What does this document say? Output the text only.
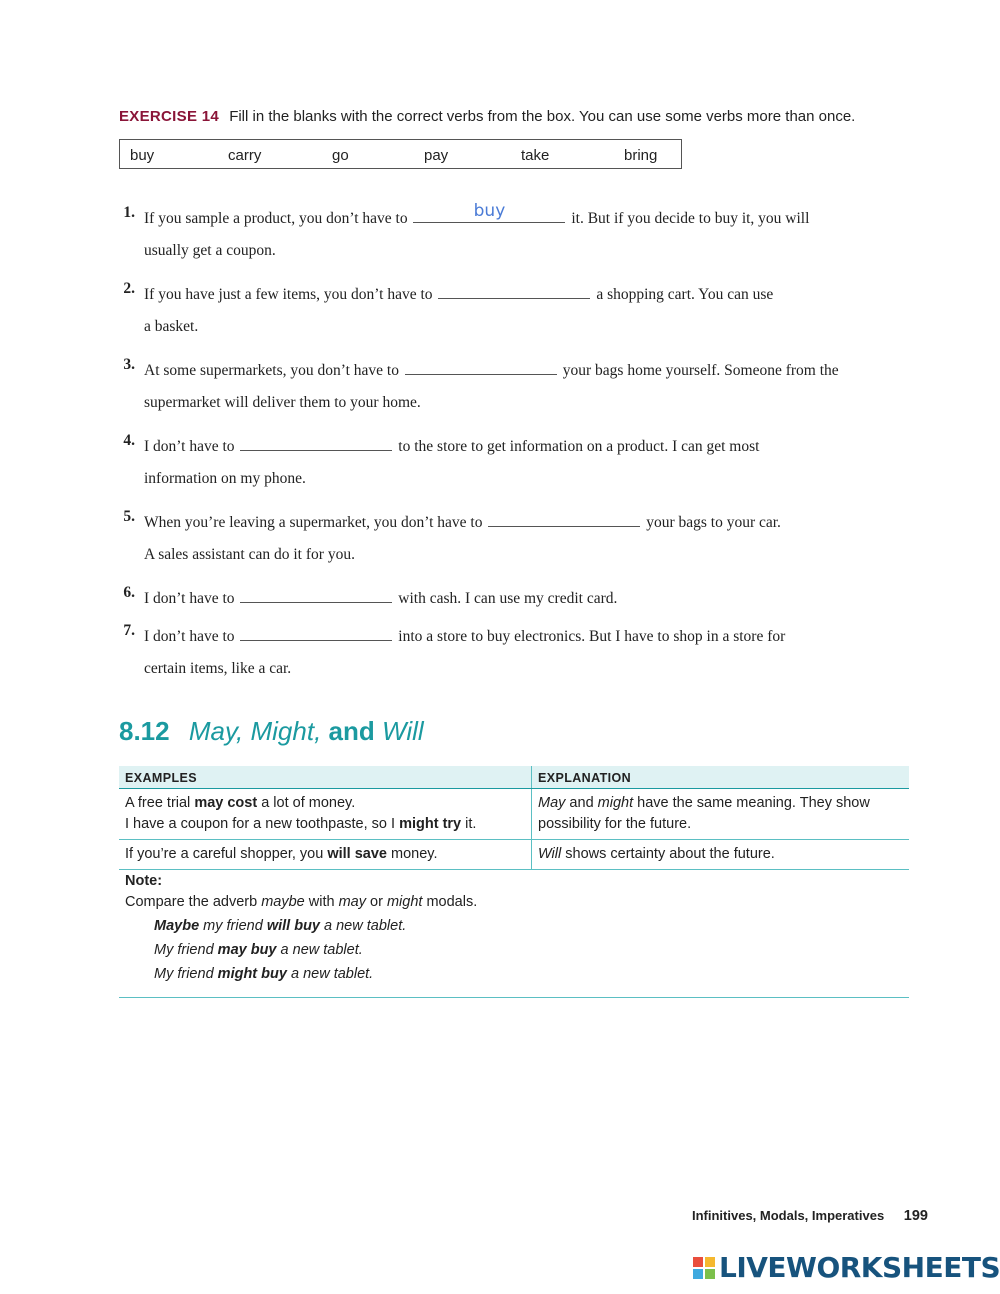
EXERCISE 14 Fill in the blanks with the correct verbs from the box. You can use some verbs more than once.
buy	carry	go	pay	take	bring
1. If you sample a product, you don’t have to	buy	it. But if you decide to buy it, you will
usually get a coupon.
2. If you have just a few items, you don’t have to	a shopping cart. You can use
a basket.
3. At some supermarkets, you don’t have to	your bags home yourself. Someone from the
supermarket will deliver them to your home.
4. I don’t have to	to the store to get information on a product. I can get most
information on my phone.
5. When you’re leaving a supermarket, you don’t have to	your bags to your car.
A sales assistant can do it for you.
6. I don’t have to	with cash. I can use my credit card.
7. I don’t have to	into a store to buy electronics. But I have to shop in a store for
certain items, like a car.
8.12 May, Might, and Will
EXAMPLES	EXPLANATION

A free trial may cost a lot of money.
I have a coupon for a new toothpaste, so I might try it.	May and might have the same meaning. They show possibility for the future.
If you’re a careful shopper, you will save money.	Will shows certainty about the future.
Note:
Compare the adverb maybe with may or might modals.
Maybe my friend will buy a new tablet.
My friend may buy a new tablet.
My friend might buy a new tablet.
Infinitives, Modals, Imperatives 199
LIVEWORKSHEETS
